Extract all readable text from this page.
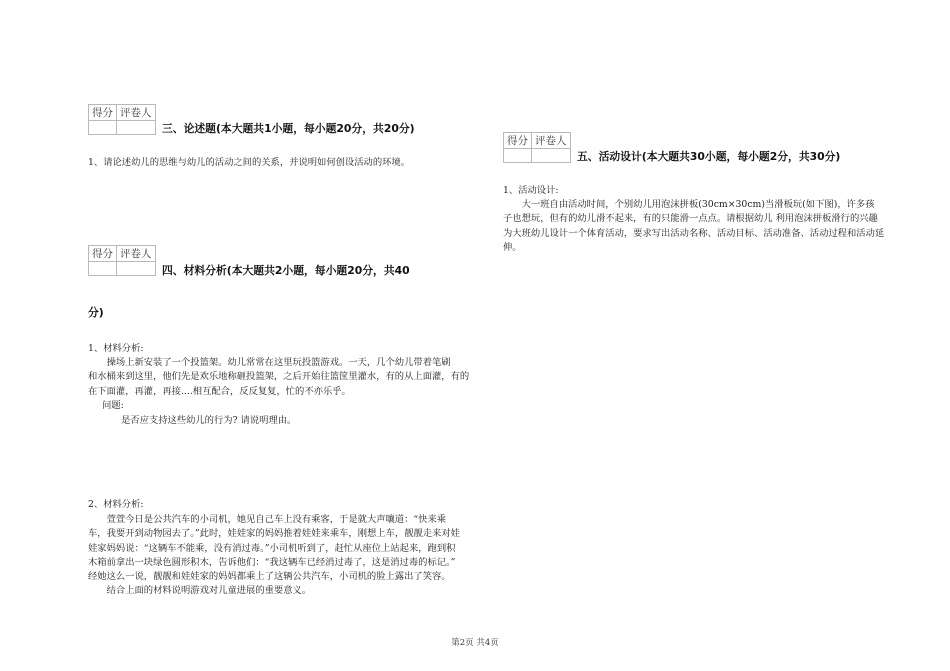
得分	评卷人

三、论述题(本大题共1小题，每小题20分，共20分)
1、请论述幼儿的思维与幼儿的活动之间的关系，并说明如何创设活动的环境。
得分	评卷人

四、材料分析(本大题共2小题，每小题20分，共40
分)
1、材料分析:
操场上新安装了一个投篮架。幼儿常常在这里玩投篮游戏。一天，几个幼儿带着笔刷
和水桶来到这里，他们先是欢乐地称砸投篮架，之后开始往篮筐里灌水，有的从上面灌，有的
在下面灌，再灌，再接....相互配合，反反复复，忙的不亦乐乎。
问题:
是否应支持这些幼儿的行为? 请说明理由。
2、材料分析:
萱萱今日是公共汽车的小司机，她见自己车上没有乘客，于是就大声嚷道：“快来乘
车，我要开到动物园去了。”此时，娃娃家的妈妈推着娃娃来乘车，刚想上车，靓靓走来对娃
娃家妈妈说：“这辆车不能乘，没有消过毒。”小司机听到了，赶忙从座位上站起来，跑到积
木箱前拿出一块绿色圆形积木，告诉他们：“我这辆车已经消过毒了，这是消过毒的标记。”
经她这么一说，靓靓和娃娃家的妈妈都乘上了这辆公共汽车，小司机的脸上露出了笑容。
结合上面的材料说明游戏对儿童进展的重要意义。
得分	评卷人

五、活动设计(本大题共30小题，每小题2分，共30分)
1、活动设计:
大一班自由活动时间，个别幼儿用泡沫拼板(30cm×30cm)当滑板玩(如下图)，许多孩
子也想玩，但有的幼儿滑不起来，有的只能滑一点点。请根据幼儿 利用泡沫拼板滑行的兴趣
为大班幼儿设计一个体育活动，要求写出活动名称、活动目标、活动准备、活动过程和活动延
伸。
第2页 共4页
